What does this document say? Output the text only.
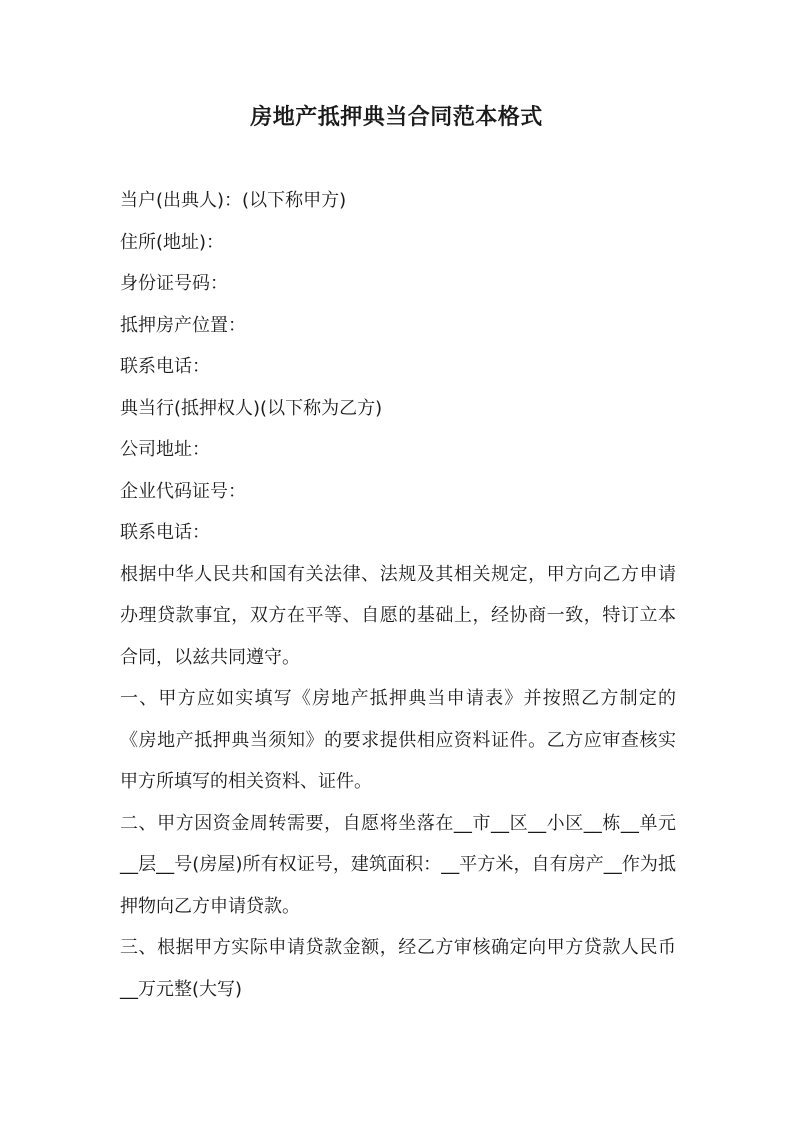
房地产抵押典当合同范本格式

当户(出典人)：(以下称甲方)

住所(地址)：

身份证号码：

抵押房产位置：

联系电话：

典当行(抵押权人)(以下称为乙方)

公司地址：

企业代码证号：

联系电话：

根据中华人民共和国有关法律、法规及其相关规定，甲方向乙方申请办理贷款事宜，双方在平等、自愿的基础上，经协商一致，特订立本合同，以兹共同遵守。

一、甲方应如实填写《房地产抵押典当申请表》并按照乙方制定的《房地产抵押典当须知》的要求提供相应资料证件。乙方应审查核实甲方所填写的相关资料、证件。

二、甲方因资金周转需要，自愿将坐落在__市__区__小区__栋__单元__层__号(房屋)所有权证号，建筑面积：__平方米，自有房产__作为抵押物向乙方申请贷款。

三、根据甲方实际申请贷款金额，经乙方审核确定向甲方贷款人民币__万元整(大写)
